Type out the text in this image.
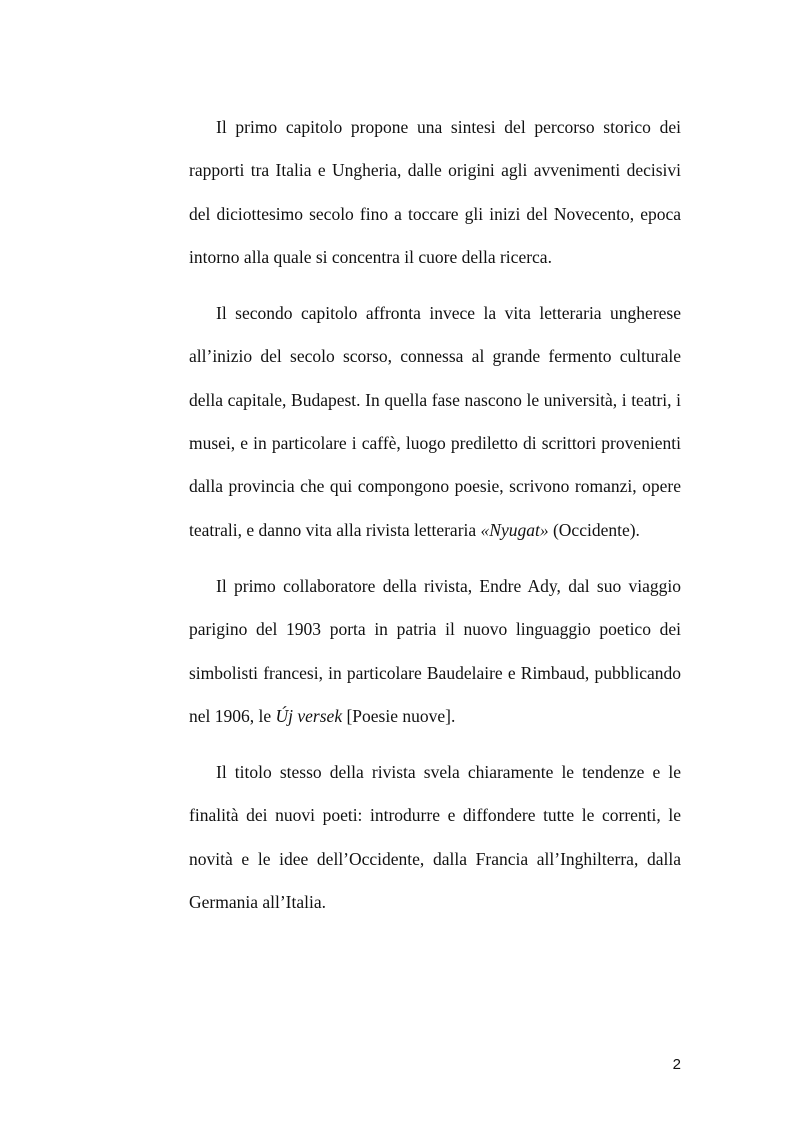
Il primo capitolo propone una sintesi del percorso storico dei rapporti tra Italia e Ungheria, dalle origini agli avvenimenti decisivi del diciottesimo secolo fino a toccare gli inizi del Novecento, epoca intorno alla quale si concentra il cuore della ricerca.

Il secondo capitolo affronta invece la vita letteraria ungherese all’inizio del secolo scorso, connessa al grande fermento culturale della capitale, Budapest. In quella fase nascono le università, i teatri, i musei, e in particolare i caffè, luogo prediletto di scrittori provenienti dalla provincia che qui compongono poesie, scrivono romanzi, opere teatrali, e danno vita alla rivista letteraria «Nyugat» (Occidente).

Il primo collaboratore della rivista, Endre Ady, dal suo viaggio parigino del 1903 porta in patria il nuovo linguaggio poetico dei simbolisti francesi, in particolare Baudelaire e Rimbaud, pubblicando nel 1906, le Új versek [Poesie nuove].

Il titolo stesso della rivista svela chiaramente le tendenze e le finalità dei nuovi poeti: introdurre e diffondere tutte le correnti, le novità e le idee dell’Occidente, dalla Francia all’Inghilterra, dalla Germania all’Italia.

2
